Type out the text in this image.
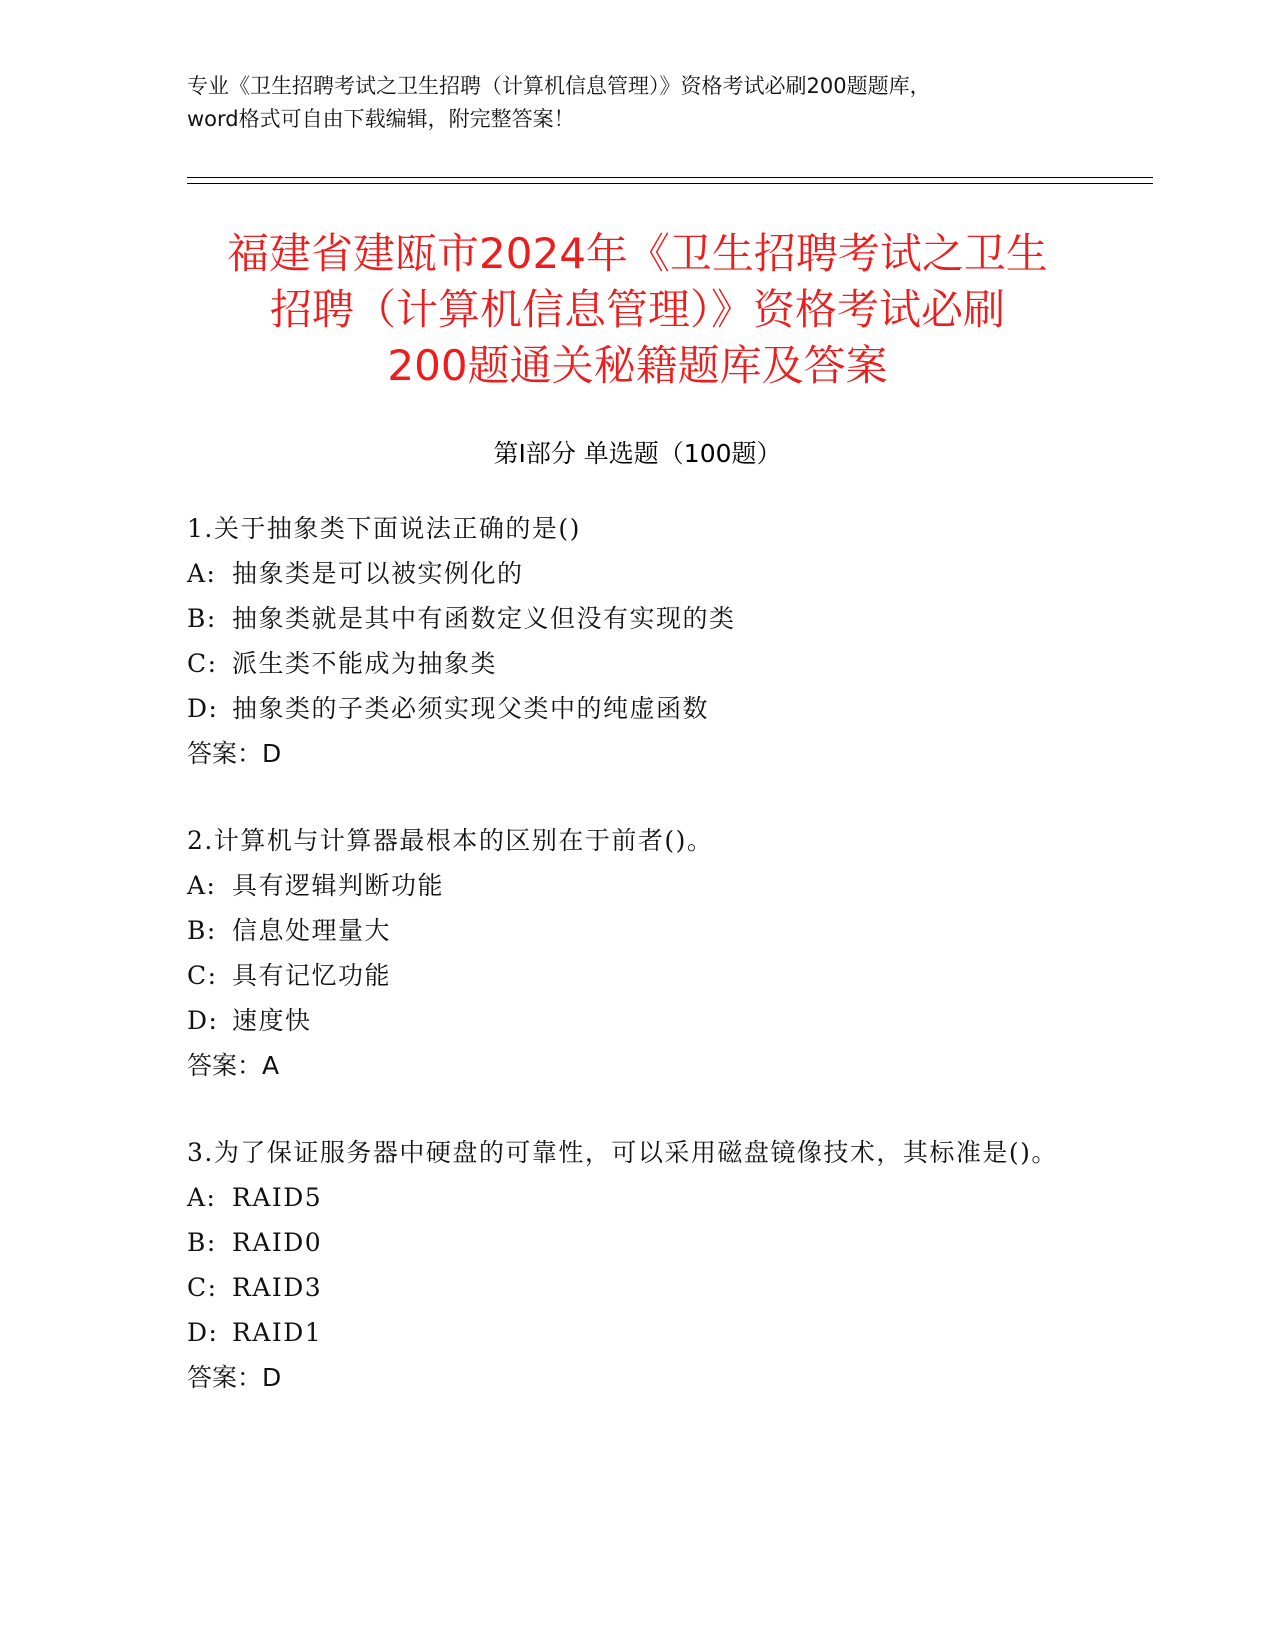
专业《卫生招聘考试之卫生招聘（计算机信息管理）》资格考试必刷200题题库，
word格式可自由下载编辑，附完整答案！
福建省建瓯市2024年《卫生招聘考试之卫生
招聘（计算机信息管理）》资格考试必刷
200题通关秘籍题库及答案
第Ⅰ部分 单选题（100题）
1.关于抽象类下面说法正确的是()
A: 抽象类是可以被实例化的
B: 抽象类就是其中有函数定义但没有实现的类
C: 派生类不能成为抽象类
D: 抽象类的子类必须实现父类中的纯虚函数
答案：D
2.计算机与计算器最根本的区别在于前者()。
A: 具有逻辑判断功能
B: 信息处理量大
C: 具有记忆功能
D: 速度快
答案：A
3.为了保证服务器中硬盘的可靠性，可以采用磁盘镜像技术，其标准是()。
A: RAID5
B: RAID0
C: RAID3
D: RAID1
答案：D
